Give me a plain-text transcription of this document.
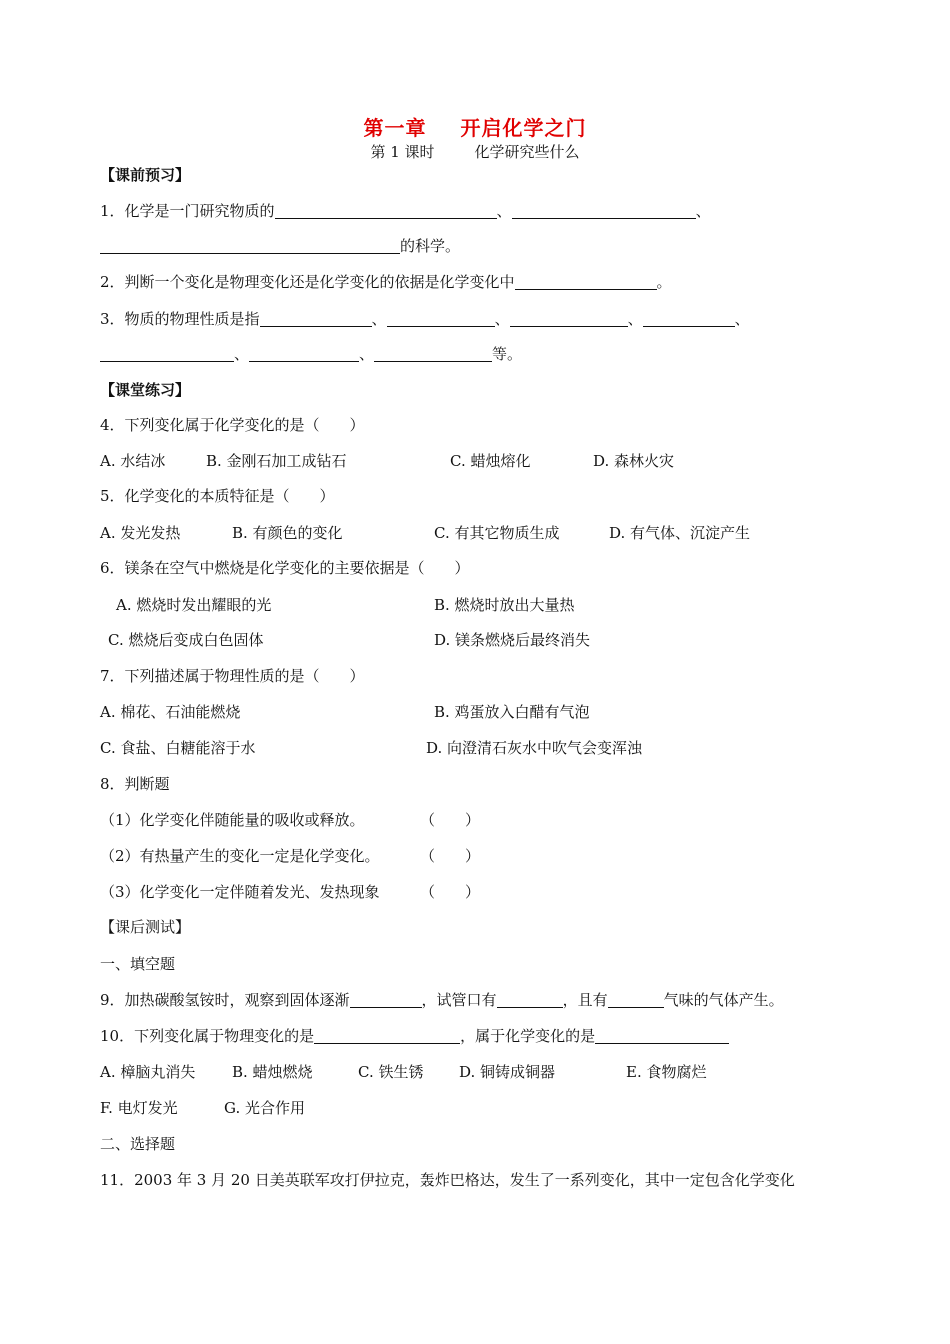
第一章 开启化学之门
第 1 课时	化学研究些什么
【课前预习】
1．化学是一门研究物质的	、	、
的科学。
2．判断一个变化是物理变化还是化学变化的依据是化学变化中	。
3．物质的物理性质是指	、	、	、	、
、	、	等。
【课堂练习】
4．下列变化属于化学变化的是（　　）
A. 水结冰	B. 金刚石加工成钻石	C. 蜡烛熔化	D. 森林火灾
5．化学变化的本质特征是（　　）
A. 发光发热	B. 有颜色的变化	C. 有其它物质生成	D. 有气体、沉淀产生
6．镁条在空气中燃烧是化学变化的主要依据是（　　）
A. 燃烧时发出耀眼的光	B. 燃烧时放出大量热
C. 燃烧后变成白色固体	D. 镁条燃烧后最终消失
7．下列描述属于物理性质的是（　　）
A. 棉花、石油能燃烧	B. 鸡蛋放入白醋有气泡
C. 食盐、白糖能溶于水	D. 向澄清石灰水中吹气会变浑浊
8．判断题
（1）化学变化伴随能量的吸收或释放。	（　　）
（2）有热量产生的变化一定是化学变化。	（　　）
（3）化学变化一定伴随着发光、发热现象	（　　）
【课后测试】
一、填空题
9．加热碳酸氢铵时，观察到固体逐渐	，试管口有	，且有	气味的气体产生。
10．下列变化属于物理变化的是	，属于化学变化的是
A. 樟脑丸消失 B. 蜡烛燃烧	C. 铁生锈 D. 铜铸成铜器	E. 食物腐烂
F. 电灯发光	G. 光合作用
二、选择题
11．2003 年 3 月 20 日美英联军攻打伊拉克，轰炸巴格达，发生了一系列变化，其中一定包含化学变化
